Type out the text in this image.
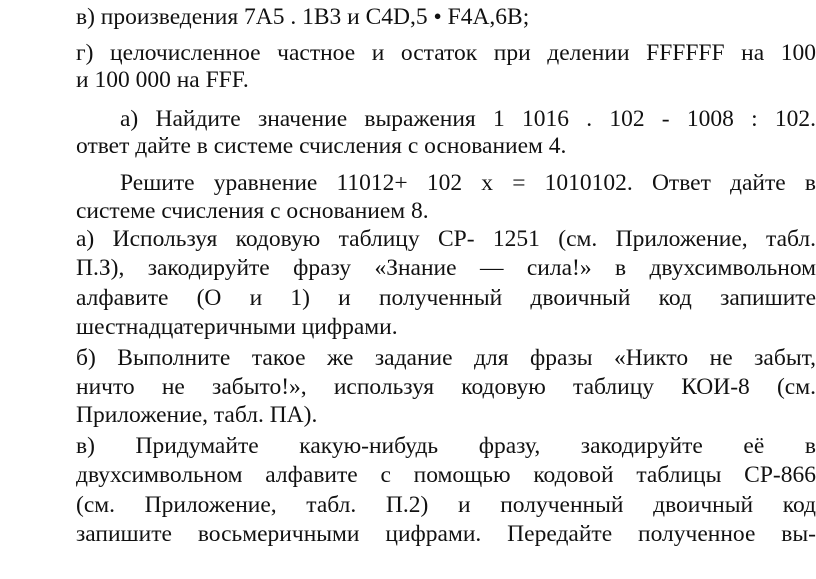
в) произведения 7А5 . 1В3 и C4D,5 • F4A,6B;
г) целочисленное частное и остаток при делении FFFFFF на 100
и 100 000 на FFF.
а) Найдите значение выражения 1 1016 . 102 - 1008 : 102.
ответ дайте в системе счисления с основанием 4.
Решите уравнение 11012+ 102 х = 1010102. Ответ дайте в
системе счисления с основанием 8.
а) Используя кодовую таблицу СР- 1251 (см. Приложение, табл.
П.З), закодируйте фразу «Знание — сила!» в двухсимвольном
алфавите (О и 1) и полученный двоичный код запишите
шестнадцатеричными цифрами.
б) Выполните такое же задание для фразы «Никто не забыт,
ничто не забыто!», используя кодовую таблицу КОИ-8 (см.
Приложение, табл. ПА).
в) Придумайте какую-нибудь фразу, закодируйте её в
двухсимвольном алфавите с помощью кодовой таблицы СР-866
(см. Приложение, табл. П.2) и полученный двоичный код
запишите восьмеричными цифрами. Передайте полученное вы-
